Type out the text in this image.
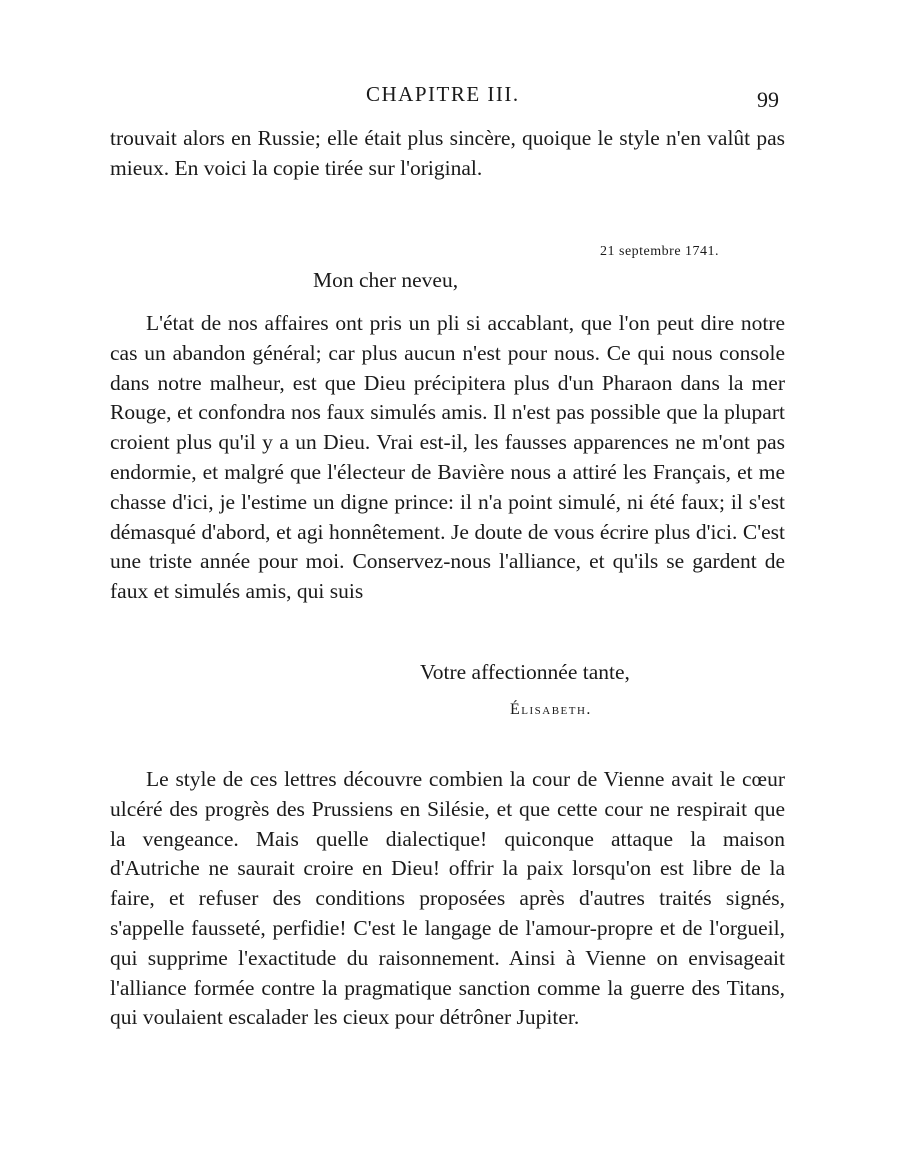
CHAPITRE III.	99

trouvait alors en Russie; elle était plus sincère, quoique le style n'en valût pas mieux. En voici la copie tirée sur l'original.

21 septembre 1741.
Mon cher neveu,

L'état de nos affaires ont pris un pli si accablant, que l'on peut dire notre cas un abandon général; car plus aucun n'est pour nous. Ce qui nous console dans notre malheur, est que Dieu précipitera plus d'un Pharaon dans la mer Rouge, et confondra nos faux simulés amis. Il n'est pas possible que la plupart croient plus qu'il y a un Dieu. Vrai est-il, les fausses apparences ne m'ont pas endormie, et malgré que l'électeur de Bavière nous a attiré les Français, et me chasse d'ici, je l'estime un digne prince: il n'a point simulé, ni été faux; il s'est démasqué d'abord, et agi honnêtement. Je doute de vous écrire plus d'ici. C'est une triste année pour moi. Conservez-nous l'alliance, et qu'ils se gardent de faux et simulés amis, qui suis

Votre affectionnée tante,
Élisabeth.

Le style de ces lettres découvre combien la cour de Vienne avait le cœur ulcéré des progrès des Prussiens en Silésie, et que cette cour ne respirait que la vengeance. Mais quelle dialectique! quiconque attaque la maison d'Autriche ne saurait croire en Dieu! offrir la paix lorsqu'on est libre de la faire, et refuser des conditions proposées après d'autres traités signés, s'appelle fausseté, perfidie! C'est le langage de l'amour-propre et de l'orgueil, qui supprime l'exactitude du raisonnement. Ainsi à Vienne on envisageait l'alliance formée contre la pragmatique sanction comme la guerre des Titans, qui voulaient escalader les cieux pour détrôner Jupiter.
